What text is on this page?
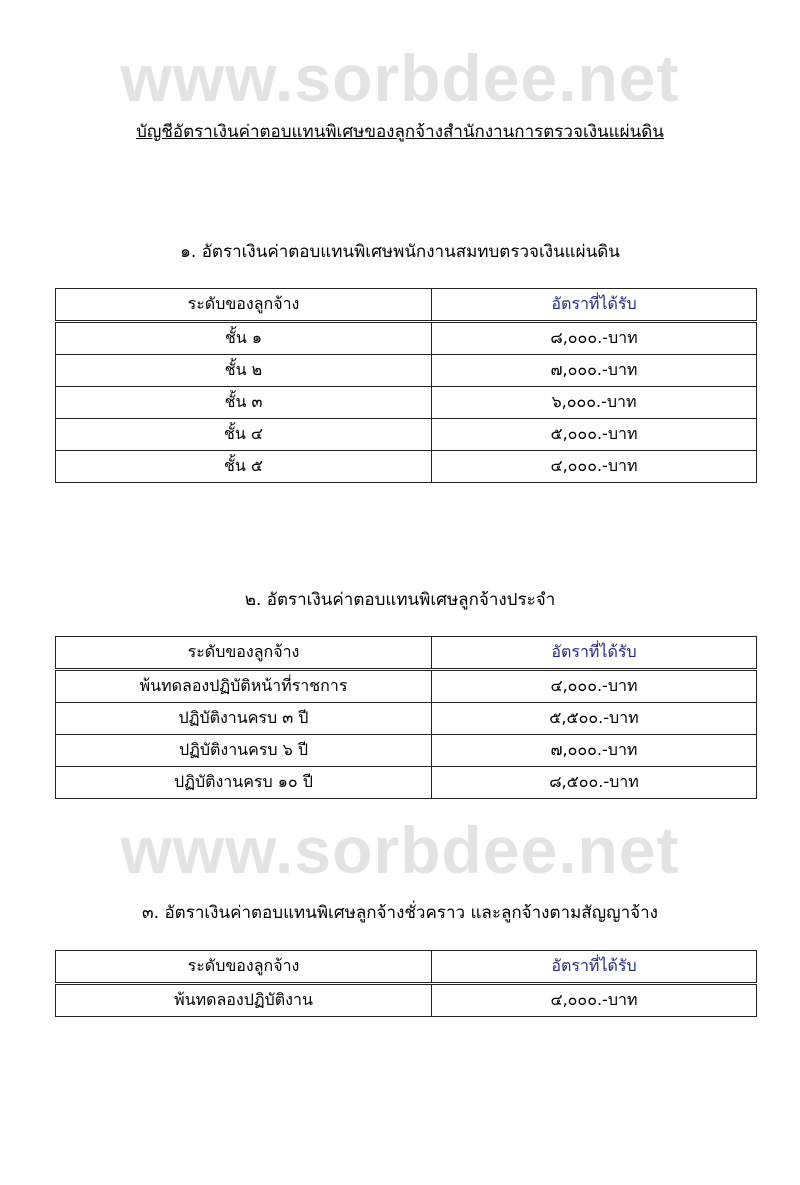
www.sorbdee.net
www.sorbdee.net
บัญชีอัตราเงินค่าตอบแทนพิเศษของลูกจ้างสำนักงานการตรวจเงินแผ่นดิน
๑. อัตราเงินค่าตอบแทนพิเศษพนักงานสมทบตรวจเงินแผ่นดิน
ระดับของลูกจ้าง	อัตราที่ได้รับ
ชั้น ๑	๘,๐๐๐.-บาท
ชั้น ๒	๗,๐๐๐.-บาท
ชั้น ๓	๖,๐๐๐.-บาท
ชั้น ๔	๕,๐๐๐.-บาท
ชั้น ๕	๔,๐๐๐.-บาท
๒. อัตราเงินค่าตอบแทนพิเศษลูกจ้างประจำ
ระดับของลูกจ้าง	อัตราที่ได้รับ
พ้นทดลองปฏิบัติหน้าที่ราชการ	๔,๐๐๐.-บาท
ปฏิบัติงานครบ ๓ ปี	๕,๕๐๐.-บาท
ปฏิบัติงานครบ ๖ ปี	๗,๐๐๐.-บาท
ปฏิบัติงานครบ ๑๐ ปี	๘,๕๐๐.-บาท
๓. อัตราเงินค่าตอบแทนพิเศษลูกจ้างชั่วคราว และลูกจ้างตามสัญญาจ้าง
ระดับของลูกจ้าง	อัตราที่ได้รับ
พ้นทดลองปฏิบัติงาน	๔,๐๐๐.-บาท
